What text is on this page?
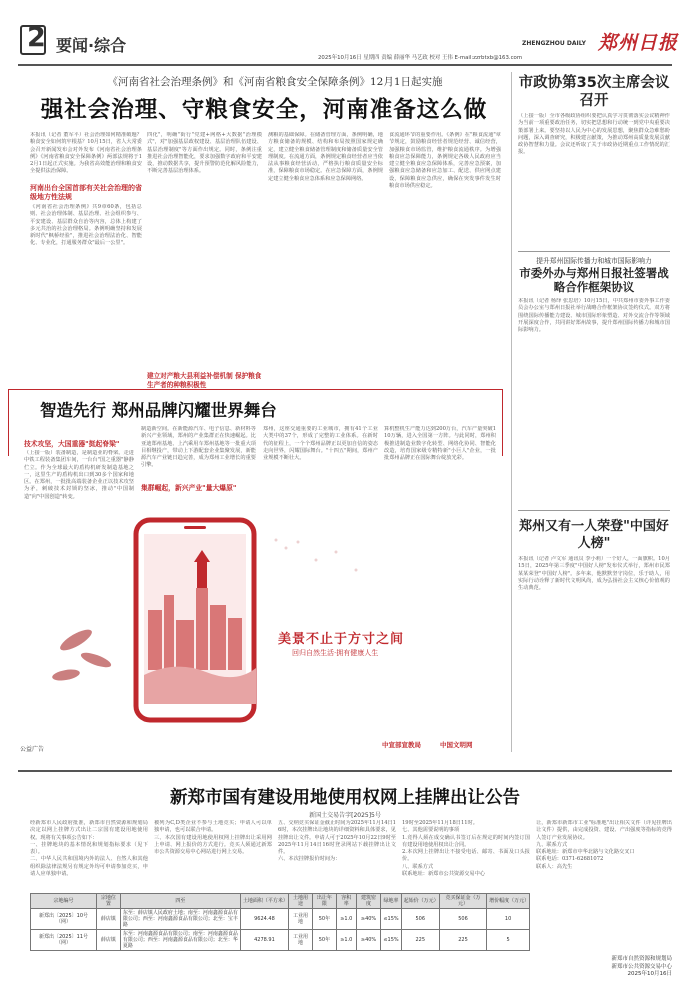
2 要闻·综合	ZHENGZHOU DAILY 郑州日报
2025年10月16日 星期四 责编 薛丽华 马艺政 校对 王伟 E-mail:zzrbtxb@163.com
《河南省社会治理条例》和《河南省粮食安全保障条例》12月1日起实施
强社会治理、守粮食安全，河南准备这么做
本报讯（记者 董军平）社会治理如何精准破题？粮食安全如何筑牢根基？10月15日，省人大常委会召开新闻发布会对外发布《河南省社会治理条例》《河南省粮食安全保障条例》两部法规将于12月1日起正式实施。为我省高效能治理和粮食安全提供法治保障。
河南出台全国首部有关社会治理的省级地方性法规
《河南省社会治理条例》共9章60条，包括总则、社会治理体制、基层治理、社会组织参与、平安建设、基层群众自治等内容，总体上构建了多元共治的社会治理格局。条例明确坚持和发展新时代"枫桥经验"，推进社会治理法治化、智能化、专业化，打通服务群众"最后一公里"。
四化"，明确"街行"党建+网格+大数据"治理模式"，对"加强基层政权建设、基层治理队伍建设、基层治理制度"等方面作出规定。同时，条例注重推进社会治理智能化，要求加强数字政府和平安建设，推动数据共享，提升预警防范化解风险能力，不断完善基层治理体系。
建立对产粮大县利益补偿机制 保护粮食生产者的种粮积极性
测粮的基础保障。在储备管理方面，条例明确，地方粮食储备的规模、结构和布局按照国家规定确定，建立健全粮食储备管理制度和储备质量安全管理制度。在流通方面，条例规定粮食经营者应当依法从事粮食经营活动，严格执行粮食质量安全标准，保障粮食市场稳定。在应急保障方面，条例规定建立健全粮食应急体系和应急保障网络。
食流通环节的重要作用。《条例》在"粮食流通"章节规定，鼓励粮食经营者规范经营、诚信经营，加强粮食市场监管，维护粮食流通秩序。为增强粮食应急保障能力，条例规定各级人民政府应当建立健全粮食应急保障体系，完善应急预案，加强粮食应急储备和应急加工、配送、供应网点建设，保障粮食应急供应，确保在突发事件发生时粮食市场供应稳定。
市政协第35次主席会议召开
（上接一版）全市各级政协组织要把认真学习贯彻落实会议精神作为当前一项重要政治任务，切实把思想和行动统一到党中央重要决策部署上来。要坚持以人民为中心的发展思想，聚焦群众急难愁盼问题，深入调查研究，积极建言献策，为推动郑州高质量发展贡献政协智慧和力量。会议还听取了关于市政协近期重点工作情况的汇报。
提升郑州国际传播力和城市国际影响力
市委外办与郑州日报社签署战略合作框架协议
本报讯（记者 杨绎 张思培）10月15日，中共郑州市委外事工作委员会办公室与郑州日报社举行战略合作框架协议签约仪式。双方将围绕国际传播能力建设、城市国际形象塑造、对外交流合作等领域开展深度合作，共同讲好郑州故事，提升郑州国际传播力和城市国际影响力。
郑州又有一人荣登"中国好人榜"
本报讯（记者 卢文军 通讯员 李小莉）一个好人，一面旗帜。10月15日，2025年第三季度"中国好人榜"发布仪式举行，郑州市民郑某某荣登"中国好人榜"。多年来，他默默坚守岗位，乐于助人，用实际行动诠释了新时代文明风尚，成为弘扬社会主义核心价值观的生动典范。
智造先行 郑州品牌闪耀世界舞台
技术攻坚，大国重器"挺起脊梁"
（上接一版）装备制造，是制造业的脊梁。走进中铁工程装备集团车间，一台台"国之重器"静静伫立。作为全球最大的盾构机研发制造基地之一，这里生产的盾构机出口到30多个国家和地区。在郑州，一批批高端装备企业正以技术攻坚为矛，刺破技术封锁的坚冰，推动"中国制造"向"中国创造"转变。
制造新空间。在新能源汽车、电子信息、新材料等新兴产业领域，郑州的产业集群正在快速崛起。比亚迪郑州基地、上汽乘用车郑州基地等一批重大项目相继投产，带动上下游配套企业集聚发展，新能源汽车产业链日趋完善，成为郑州工业增长的重要引擎。
集群崛起，新兴产业"量大爆原"
郑州，这座交通重要的工业城市，拥有41个工业大类中的37个，形成了完整的工业体系。在新时代的征程上，一个个郑州品牌正以更加自信的姿态走向世界，闪耀国际舞台。"十四五"期间，郑州产业规模不断壮大。
算机整机生产能力达到200万台，汽车产量突破110万辆，进入全国第一方阵。与此同时，郑州积极推进制造业数字化转型、网络化协同、智能化改造，培育国家级专精特新"小巨人"企业，一批批郑州品牌正在国际舞台绽放光彩。
美景不止于方寸之间
回归自然生活·拥有健康人生
中宣部宣教局	中国文明网
公益广告
新郑市国有建设用地使用权网上挂牌出让公告
新国土交易告字[2025]5号
经新郑市人民政府批准，新郑市自然资源和规划局决定以网上挂牌方式出让二宗国有建设用地使用权。现将有关事项公告如下：
一、挂牌地块的基本情况和规划指标要求（见下表）。
二、中华人民共和国境内外的法人、自然人和其他组织除法律法规另有规定外均可申请参加竞买，申请人应单独申请。
被列为C,D类企业不参与土地竞买；申请人可以单独申请，也可以联合申请。
三、本次国有建设用地使用权网上挂牌出让采用网上申请、网上报价的方式进行。竞买人须通过新郑市公共资源交易中心网站进行网上交易。
五、交纳竞买保证金截止时间为2025年11月14日16时，本次挂牌出让地块的详细资料和具体要求，见挂牌出让文件。申请人可于2025年10月22日9时至2025年11月14日16时登录网站下载挂牌出让文件。
六、本次挂牌报价时间为：
19时至2025年11月18日11时。
七、其他需要说明的事项
1.竞得人须在成交确认书签订后在规定的时间内签订国有建设用地使用权出让合同。
2.本次网上挂牌出让不接受电话、邮寄、书面及口头报价。
八、联系方式
联系地址：新郑市公共资源交易中心
让，新郑市新郑市工业"标准地"出让相关文件（详见挂牌出让文件）提供，由完成投资、建设、产出强度等指标的竞得人签订产业发展协议。
九、联系方式
联系地址：新郑市中华北路与文化路交叉口
联系电话：0371-62681072
联系人：高先生
新郑市自然资源和规划局
新郑市公共资源交易中心
2025年10月16日
宗地编号	宗地位置	四至	土地面积（平方米）	土地用途	出让年限	容积率	建筑密度	绿地率	起始价（万元）	竞买保证金（万元）	增价幅度（万元）
新郑出〔2025〕10号（网）	薛店镇	东至：薛店镇人民政府土地；南至：河南鑫源食品有限公司；西至：河南鑫源食品有限公司；北至：宝丰路	9624.48	工业用地	50年	≥1.0	≥40%	≤15%	506	506	10
新郑出〔2025〕11号（网）	薛店镇	东至：河南鑫源食品有限公司；南至：河南鑫源食品有限公司；西至：河南鑫源食品有限公司；北至：华夏路	4278.91	工业用地	50年	≥1.0	≥40%	≤15%	225	225	5
